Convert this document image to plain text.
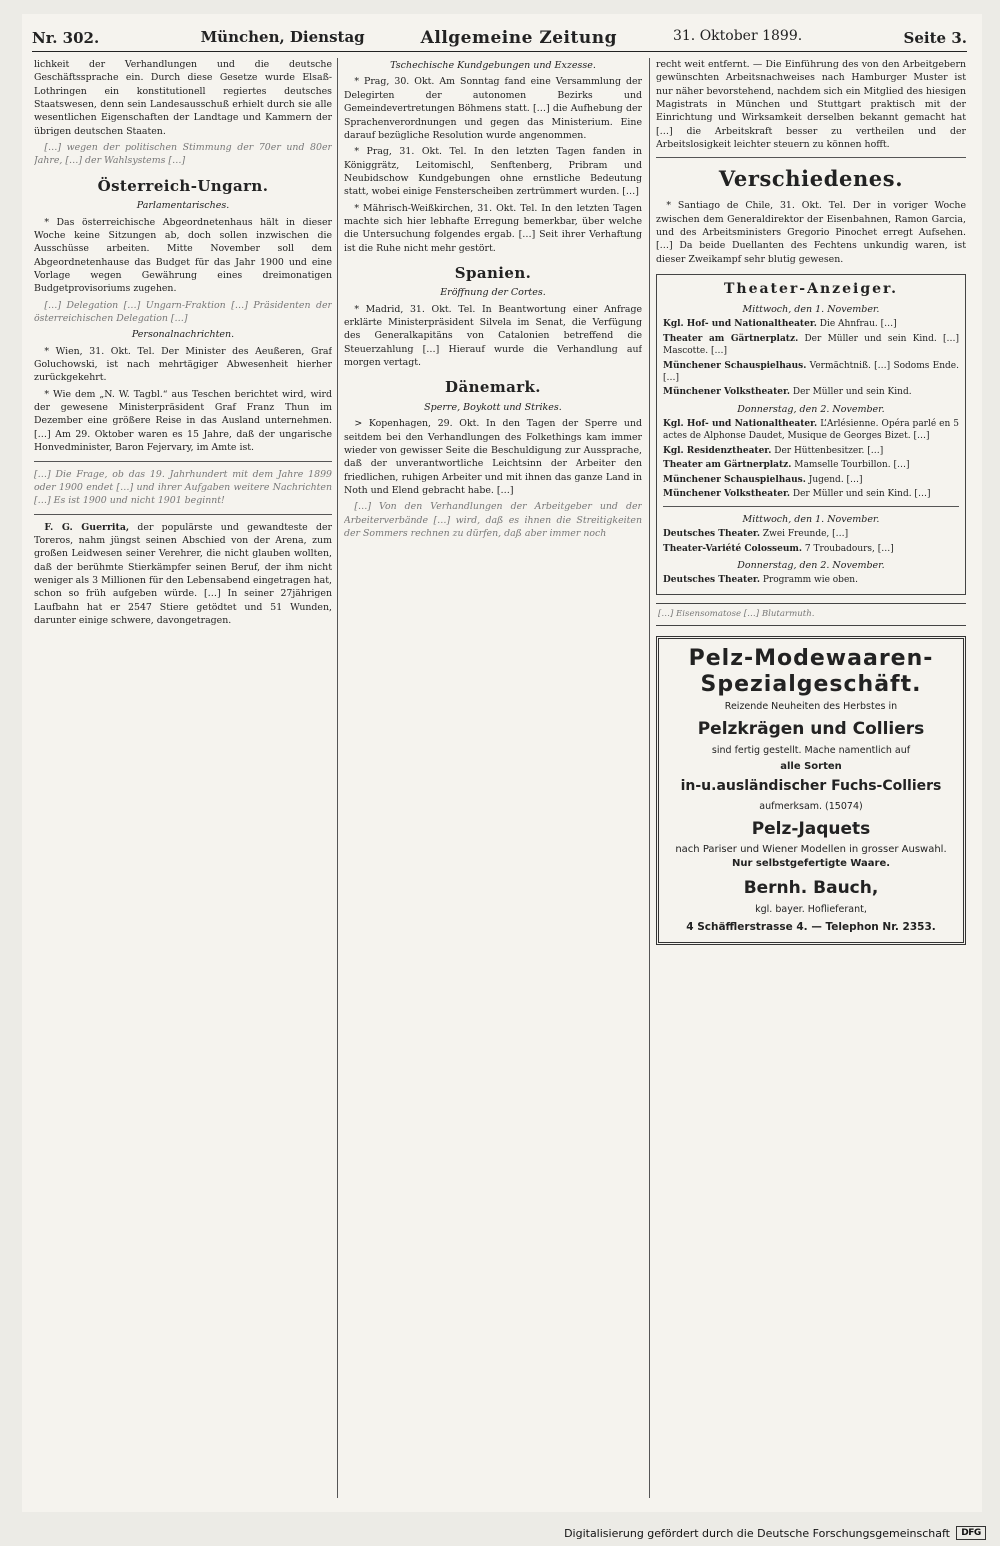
Nr. 302.	München, Dienstag	Allgemeine Zeitung	31. Oktober 1899.	Seite 3.

lichkeit der Verhandlungen und die deutsche Geschäftssprache ein. Durch diese Gesetze wurde Elsaß-Lothringen ein konstitutionell regiertes deutsches Staatswesen, denn sein Landesausschuß erhielt durch sie alle wesentlichen Eigenschaften der Landtage und Kammern der übrigen deutschen Staaten.

[…] wegen der politischen Stimmung der 70er und 80er Jahre, […] der Wahlsystems […]

Österreich-Ungarn.
Parlamentarisches.

* Das österreichische Abgeordnetenhaus hält in dieser Woche keine Sitzungen ab, doch sollen inzwischen die Ausschüsse arbeiten. Mitte November soll dem Abgeordnetenhause das Budget für das Jahr 1900 und eine Vorlage wegen Gewährung eines dreimonatigen Budgetprovisoriums zugehen.

[…] Delegation […] Ungarn-Fraktion […] Präsidenten der österreichischen Delegation […]

Personalnachrichten.

* Wien, 31. Okt. Tel. Der Minister des Aeußeren, Graf Goluchowski, ist nach mehrtägiger Abwesenheit hierher zurückgekehrt.

* Wie dem „N. W. Tagbl.“ aus Teschen berichtet wird, wird der gewesene Ministerpräsident Graf Franz Thun im Dezember eine größere Reise in das Ausland unternehmen. […] Am 29. Oktober waren es 15 Jahre, daß der ungarische Honvedminister, Baron Fejervary, im Amte ist.

[…] Die Frage, ob das 19. Jahrhundert mit dem Jahre 1899 oder 1900 endet […] und ihrer Aufgaben weitere Nachrichten […] Es ist 1900 und nicht 1901 beginnt!

F. G. Guerrita, der populärste und gewandteste der Toreros, nahm jüngst seinen Abschied von der Arena, zum großen Leidwesen seiner Verehrer, die nicht glauben wollten, daß der berühmte Stierkämpfer seinen Beruf, der ihm nicht weniger als 3 Millionen für den Lebensabend eingetragen hat, schon so früh aufgeben würde. […] In seiner 27jährigen Laufbahn hat er 2547 Stiere getödtet und 51 Wunden, darunter einige schwere, davongetragen.

Tschechische Kundgebungen und Exzesse.

* Prag, 30. Okt. Am Sonntag fand eine Versammlung der Delegirten der autonomen Bezirks und Gemeindevertretungen Böhmens statt. […] die Aufhebung der Sprachenverordnungen und gegen das Ministerium. Eine darauf bezügliche Resolution wurde angenommen.

* Prag, 31. Okt. Tel. In den letzten Tagen fanden in Königgrätz, Leitomischl, Senftenberg, Pribram und Neubidschow Kundgebungen ohne ernstliche Bedeutung statt, wobei einige Fensterscheiben zertrümmert wurden. […]

* Mährisch-Weißkirchen, 31. Okt. Tel. In den letzten Tagen machte sich hier lebhafte Erregung bemerkbar, über welche die Untersuchung folgendes ergab. […] Seit ihrer Verhaftung ist die Ruhe nicht mehr gestört.

Spanien.
Eröffnung der Cortes.

* Madrid, 31. Okt. Tel. In Beantwortung einer Anfrage erklärte Ministerpräsident Silvela im Senat, die Verfügung des Generalkapitäns von Catalonien betreffend die Steuerzahlung […] Hierauf wurde die Verhandlung auf morgen vertagt.

Dänemark.
Sperre, Boykott und Strikes.

> Kopenhagen, 29. Okt. In den Tagen der Sperre und seitdem bei den Verhandlungen des Folkethings kam immer wieder von gewisser Seite die Beschuldigung zur Aussprache, daß der unverantwortliche Leichtsinn der Arbeiter den friedlichen, ruhigen Arbeiter und mit ihnen das ganze Land in Noth und Elend gebracht habe. […]

[…] Von den Verhandlungen der Arbeitgeber und der Arbeiterverbände […] wird, daß es ihnen die Streitigkeiten der Sommers rechnen zu dürfen, daß aber immer noch

recht weit entfernt. — Die Einführung des von den Arbeitgebern gewünschten Arbeitsnachweises nach Hamburger Muster ist nur näher bevorstehend, nachdem sich ein Mitglied des hiesigen Magistrats in München und Stuttgart praktisch mit der Einrichtung und Wirksamkeit derselben bekannt gemacht hat […] die Arbeitskraft besser zu vertheilen und der Arbeitslosigkeit leichter steuern zu können hofft.

Verschiedenes.

* Santiago de Chile, 31. Okt. Tel. Der in voriger Woche zwischen dem Generaldirektor der Eisenbahnen, Ramon Garcia, und des Arbeitsministers Gregorio Pinochet erregt Aufsehen. […] Da beide Duellanten des Fechtens unkundig waren, ist dieser Zweikampf sehr blutig gewesen.

Theater-Anzeiger.
Mittwoch, den 1. November.
Kgl. Hof- und Nationaltheater. Die Ahnfrau. […]
Theater am Gärtnerplatz. Der Müller und sein Kind. […] Mascotte. […]
Münchener Schauspielhaus. Vermächtniß. […] Sodoms Ende. […]
Münchener Volkstheater. Der Müller und sein Kind.
Donnerstag, den 2. November.
Kgl. Hof- und Nationaltheater. L’Arlésienne. Opéra parlé en 5 actes de Alphonse Daudet, Musique de Georges Bizet. […]
Kgl. Residenztheater. Der Hüttenbesitzer. […]
Theater am Gärtnerplatz. Mamselle Tourbillon. […]
Münchener Schauspielhaus. Jugend. […]
Münchener Volkstheater. Der Müller und sein Kind. […]
Mittwoch, den 1. November.
Deutsches Theater. Zwei Freunde, […]
Theater-Variété Colosseum. 7 Troubadours, […]
Donnerstag, den 2. November.
Deutsches Theater. Programm wie oben.
[…] Eisensomatose […] Blutarmuth.
Pelz-Modewaaren-Spezialgeschäft.
Reizende Neuheiten des Herbstes in
Pelzkrägen und Colliers
sind fertig gestellt. Mache namentlich auf
alle Sorten
in-u.ausländischer Fuchs-Colliers
aufmerksam. (15074)
Pelz-Jaquets
nach Pariser und Wiener Modellen in grosser Auswahl.
Nur selbstgefertigte Waare.
Bernh. Bauch,
kgl. bayer. Hoflieferant,
4 Schäfflerstrasse 4. — Telephon Nr. 2353.
Digitalisierung gefördert durch die Deutsche Forschungsgemeinschaft	DFG
